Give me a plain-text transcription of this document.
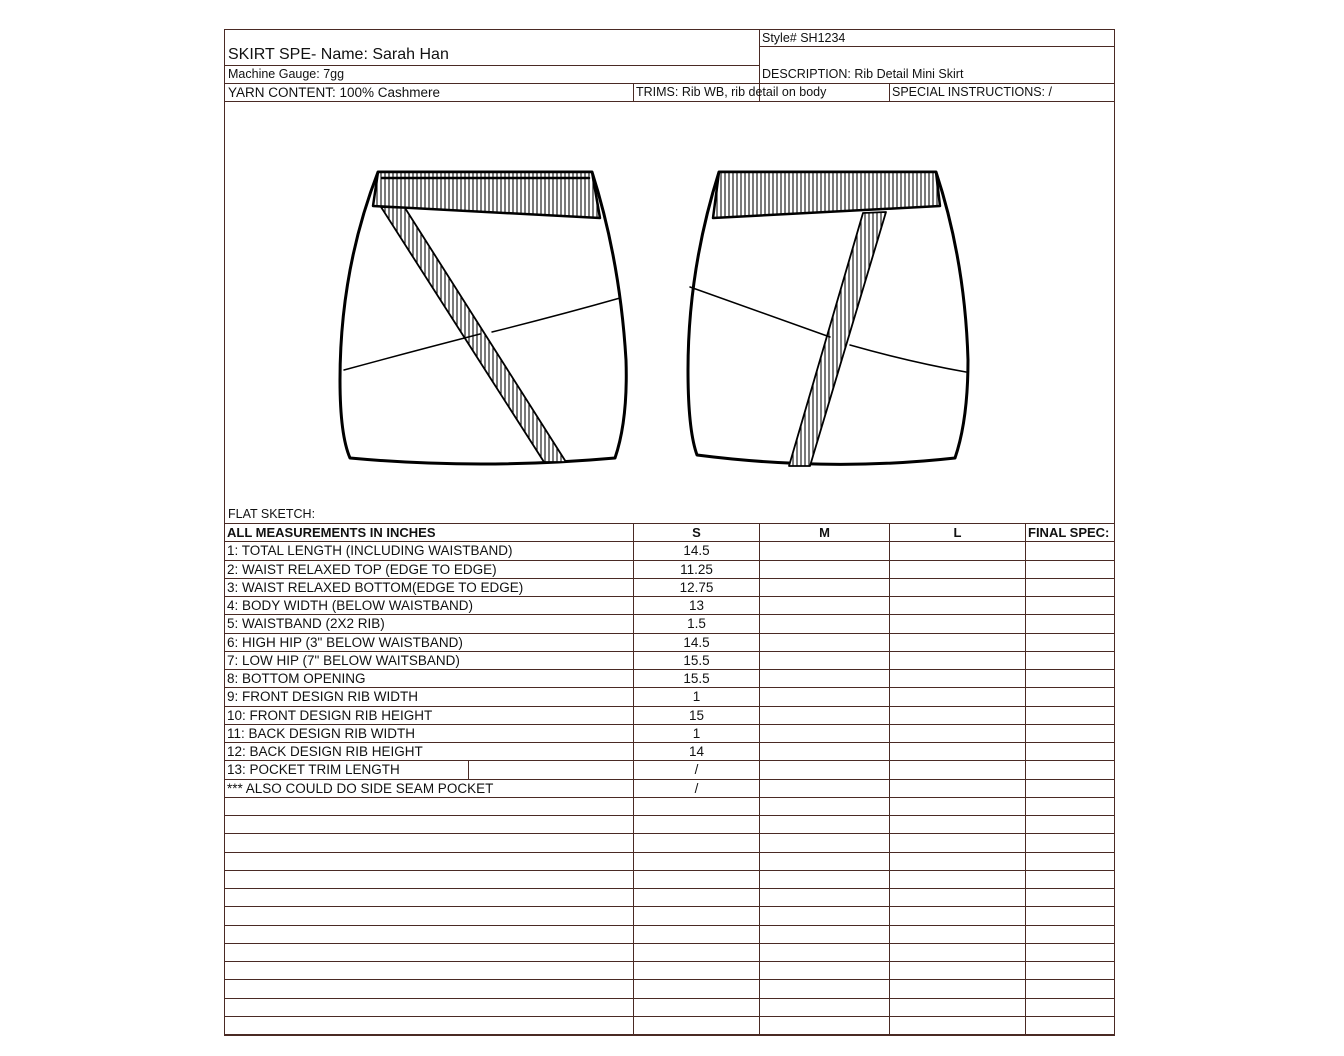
Style# SH1234
SKIRT SPE- Name: Sarah Han
Machine Gauge: 7gg	DESCRIPTION: Rib Detail Mini Skirt
YARN CONTENT: 100% Cashmere	TRIMS: Rib WB, rib detail on body	SPECIAL INSTRUCTIONS: /
FLAT SKETCH:
ALL MEASUREMENTS IN INCHES	S	M	L	FINAL SPEC:
1: TOTAL LENGTH (INCLUDING WAISTBAND)	14.5
2: WAIST RELAXED TOP (EDGE TO EDGE)	11.25
3: WAIST RELAXED BOTTOM(EDGE TO EDGE)	12.75
4: BODY WIDTH (BELOW WAISTBAND)	13
5: WAISTBAND (2X2 RIB)	1.5
6: HIGH HIP (3" BELOW WAISTBAND)	14.5
7: LOW HIP (7" BELOW WAITSBAND)	15.5
8: BOTTOM OPENING	15.5
9: FRONT DESIGN RIB WIDTH	1
10: FRONT DESIGN RIB HEIGHT	15
11: BACK DESIGN RIB WIDTH	1
12: BACK DESIGN RIB HEIGHT	14
13: POCKET TRIM LENGTH	/
*** ALSO COULD DO SIDE SEAM POCKET	/
